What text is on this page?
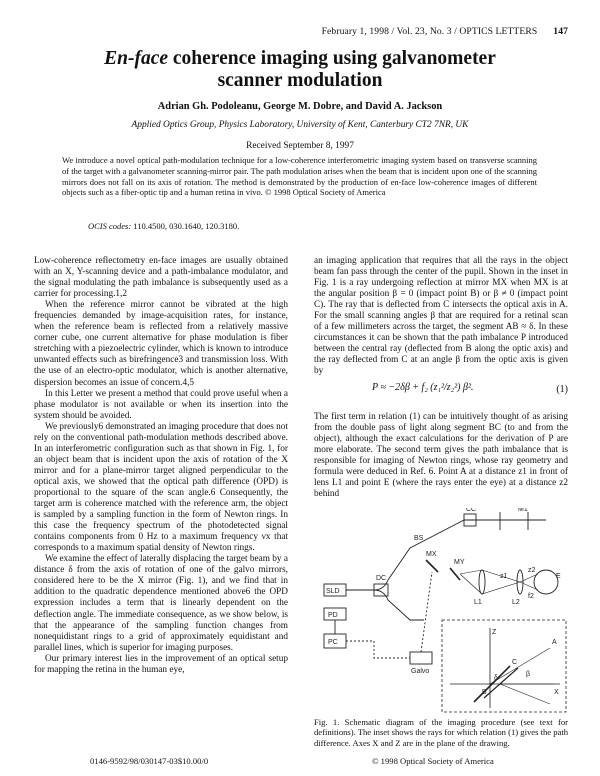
February 1, 1998 / Vol. 23, No. 3 / OPTICS LETTERS 147
En-face coherence imaging using galvanometer
scanner modulation
Adrian Gh. Podoleanu, George M. Dobre, and David A. Jackson
Applied Optics Group, Physics Laboratory, University of Kent, Canterbury CT2 7NR, UK
Received September 8, 1997
We introduce a novel optical path-modulation technique for a low-coherence interferometric imaging system based on transverse scanning of the target with a galvanometer scanning-mirror pair. The path modulation arises when the beam that is incident upon one of the scanning mirrors does not fall on its axis of rotation. The method is demonstrated by the production of en-face low-coherence images of different objects such as a fiber-optic tip and a human retina in vivo. © 1998 Optical Society of America
OCIS codes: 110.4500, 030.1640, 120.3180.

Low-coherence reflectometry en-face images are usually obtained with an X, Y-scanning device and a path-imbalance modulator, and the signal modulating the path imbalance is subsequently used as a carrier for processing.1,2

When the reference mirror cannot be vibrated at the high frequencies demanded by image-acquisition rates, for instance, when the reference beam is reflected from a relatively massive corner cube, one current alternative for phase modulation is fiber stretching with a piezoelectric cylinder, which is known to introduce unwanted effects such as birefringence3 and transmission loss. With the use of an electro-optic modulator, which is another alternative, dispersion becomes an issue of concern.4,5

In this Letter we present a method that could prove useful when a phase modulator is not available or when its insertion into the system should be avoided.

We previously6 demonstrated an imaging procedure that does not rely on the conventional path-modulation methods described above. In an interferometric configuration such as that shown in Fig. 1, for an object beam that is incident upon the axis of rotation of the X mirror and for a plane-mirror target aligned perpendicular to the optical axis, we showed that the optical path difference (OPD) is proportional to the square of the scan angle.6 Consequently, the target arm is coherence matched with the reference arm, the object is sampled by a sampling function in the form of Newton rings. In this case the frequency spectrum of the photodetected signal contains components from 0 Hz to a maximum frequency νx that corresponds to a maximum spatial density of Newton rings.

We examine the effect of laterally displacing the target beam by a distance δ from the axis of rotation of one of the galvo mirrors, considered here to be the X mirror (Fig. 1), and we find that in addition to the quadratic dependence mentioned above6 the OPD expression includes a term that is linearly dependent on the deflection angle. The immediate consequence, as we show below, is that the appearance of the sampling function changes from nonequidistant rings to a grid of approximately equidistant and parallel lines, which is superior for imaging purposes.

Our primary interest lies in the improvement of an optical setup for mapping the retina in the human eye,

an imaging application that requires that all the rays in the object beam fan pass through the center of the pupil. Shown in the inset in Fig. 1 is a ray undergoing reflection at mirror MX when MX is at the angular position β = 0 (impact point B) or β ≠ 0 (impact point C). The ray that is deflected from C intersects the optical axis in A. For the small scanning angles β that are required for a retinal scan of a few millimeters across the target, the segment AB ≈ δ. In these circumstances it can be shown that the path imbalance P introduced between the central ray (deflected from B along the optic axis) and the ray deflected from C at an angle β from the optic axis is given by

P ≈ −2δβ + f₂ (z₁²/z₂²) β².	(1)

The first term in relation (1) can be intuitively thought of as arising from the double pass of light along segment BC (to and from the object), although the exact calculations for the derivation of P are more elaborate. The second term gives the path imbalance that is responsible for imaging of Newton rings, whose ray geometry and formula were deduced in Ref. 6. Point A at a distance z1 in front of lens L1 and point E (where the rays enter the eye) at a distance z2 behind

CC	M1
BS
MX
MY
L1	L2
PD
PC
SLD
DC	E
A
B
C
δ
β
Z
X
z1
z2
f2
Galvo
Fig. 1. Schematic diagram of the imaging procedure (see text for definitions). The inset shows the rays for which relation (1) gives the path difference. Axes X and Z are in the plane of the drawing.
0146-9592/98/030147-03$10.00/0	© 1998 Optical Society of America
